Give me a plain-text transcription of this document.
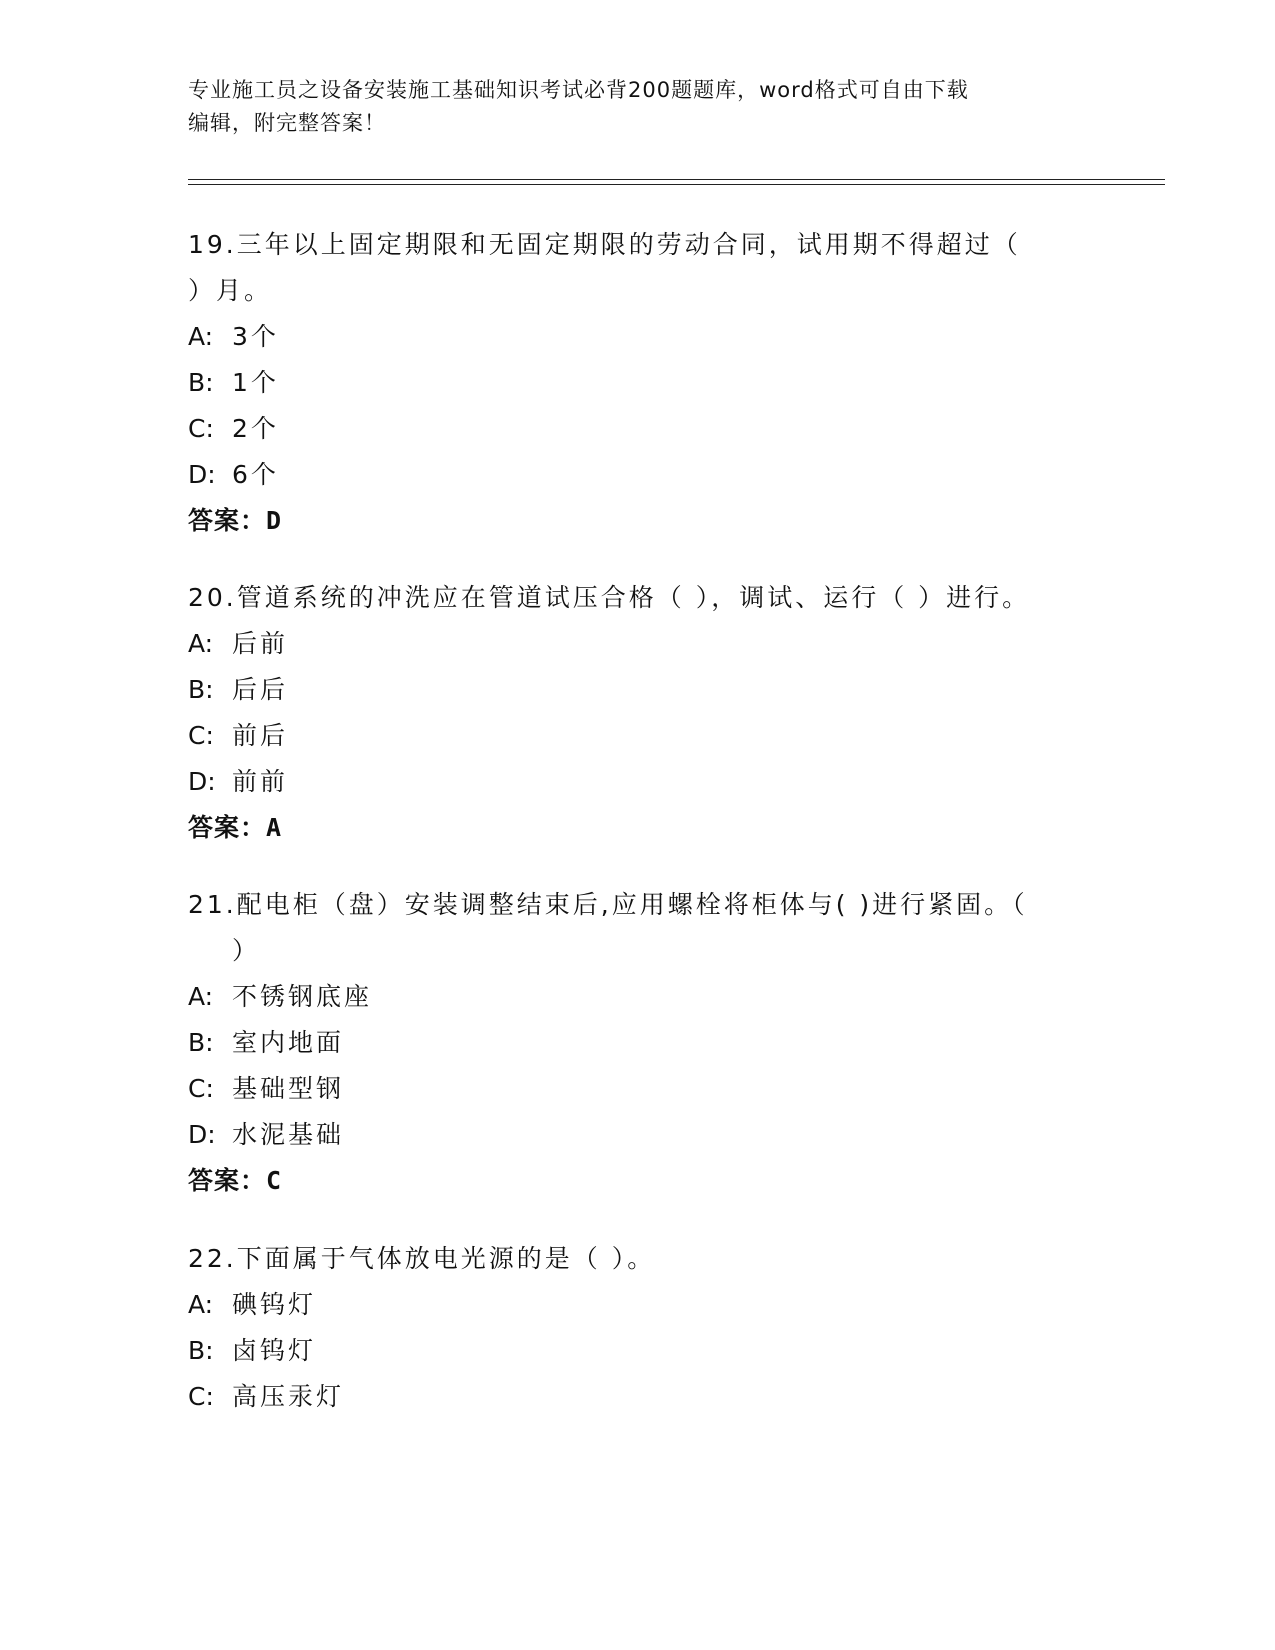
专业施工员之设备安装施工基础知识考试必背200题题库，word格式可自由下载
编辑，附完整答案！
19.三年以上固定期限和无固定期限的劳动合同，试用期不得超过（
）月。
A: 3个
B: 1个
C: 2个
D: 6个
答案：D
20.管道系统的冲洗应在管道试压合格（ ），调试、运行（ ）进行。
A: 后前
B: 后后
C: 前后
D: 前前
答案：A
21.配电柜（盘）安装调整结束后,应用螺栓将柜体与( )进行紧固。（
）
A: 不锈钢底座
B: 室内地面
C: 基础型钢
D: 水泥基础
答案：C
22.下面属于气体放电光源的是（ ）。
A: 碘钨灯
B: 卤钨灯
C: 高压汞灯
